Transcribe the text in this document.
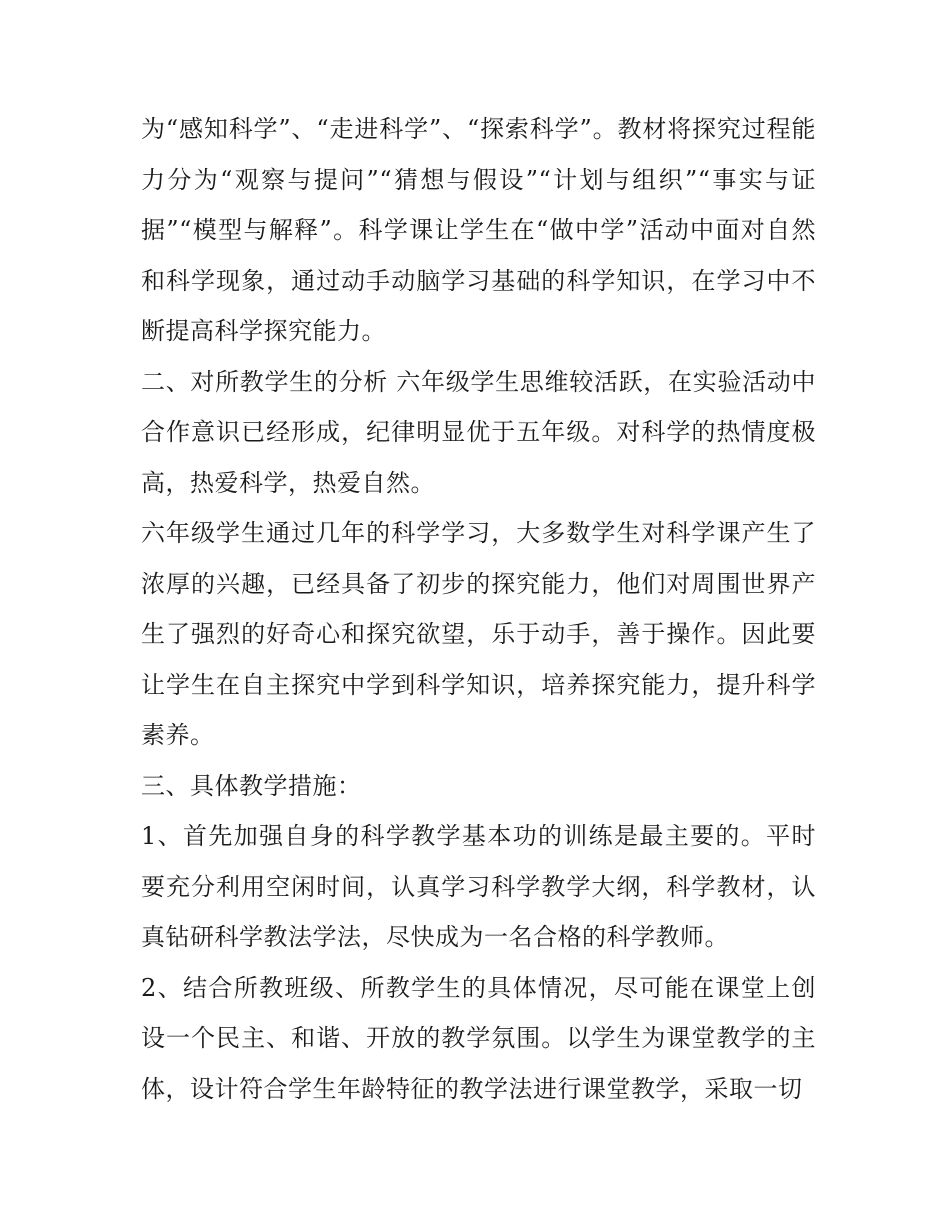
为“感知科学”、“走进科学”、“探索科学”。教材将探究过程能力分为“观察与提问”“猜想与假设”“计划与组织”“事实与证据”“模型与解释”。科学课让学生在“做中学”活动中面对自然和科学现象，通过动手动脑学习基础的科学知识，在学习中不断提高科学探究能力。

二、对所教学生的分析 六年级学生思维较活跃，在实验活动中合作意识已经形成，纪律明显优于五年级。对科学的热情度极高，热爱科学，热爱自然。

六年级学生通过几年的科学学习，大多数学生对科学课产生了浓厚的兴趣，已经具备了初步的探究能力，他们对周围世界产生了强烈的好奇心和探究欲望，乐于动手，善于操作。因此要让学生在自主探究中学到科学知识，培养探究能力，提升科学素养。

三、具体教学措施：

1、首先加强自身的科学教学基本功的训练是最主要的。平时要充分利用空闲时间，认真学习科学教学大纲，科学教材，认真钻研科学教法学法，尽快成为一名合格的科学教师。

2、结合所教班级、所教学生的具体情况，尽可能在课堂上创设一个民主、和谐、开放的教学氛围。以学生为课堂教学的主体，设计符合学生年龄特征的教学法进行课堂教学，采取一切
